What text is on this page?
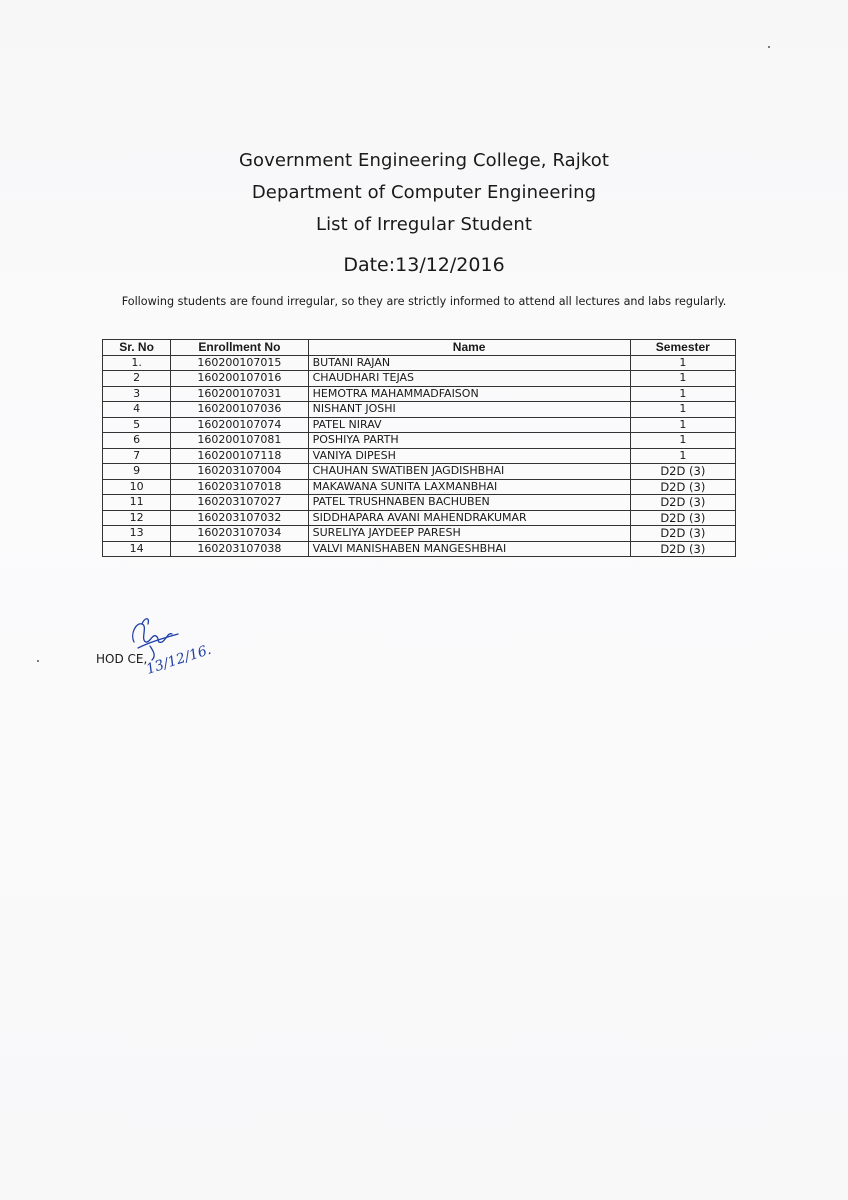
Government Engineering College, Rajkot
Department of Computer Engineering
List of Irregular Student
Date:13/12/2016
Following students are found irregular, so they are strictly informed to attend all lectures and labs regularly.
Sr. No	Enrollment No	Name	Semester
1.	160200107015	BUTANI RAJAN	1
2	160200107016	CHAUDHARI TEJAS	1
3	160200107031	HEMOTRA MAHAMMADFAISON	1
4	160200107036	NISHANT JOSHI	1
5	160200107074	PATEL NIRAV	1
6	160200107081	POSHIYA PARTH	1
7	160200107118	VANIYA DIPESH	1
9	160203107004	CHAUHAN SWATIBEN JAGDISHBHAI	D2D (3)
10	160203107018	MAKAWANA SUNITA LAXMANBHAI	D2D (3)
11	160203107027	PATEL TRUSHNABEN BACHUBEN	D2D (3)
12	160203107032	SIDDHAPARA AVANI MAHENDRAKUMAR	D2D (3)
13	160203107034	SURELIYA JAYDEEP PARESH	D2D (3)
14	160203107038	VALVI MANISHABEN MANGESHBHAI	D2D (3)
HOD CE,
13/12/16.
